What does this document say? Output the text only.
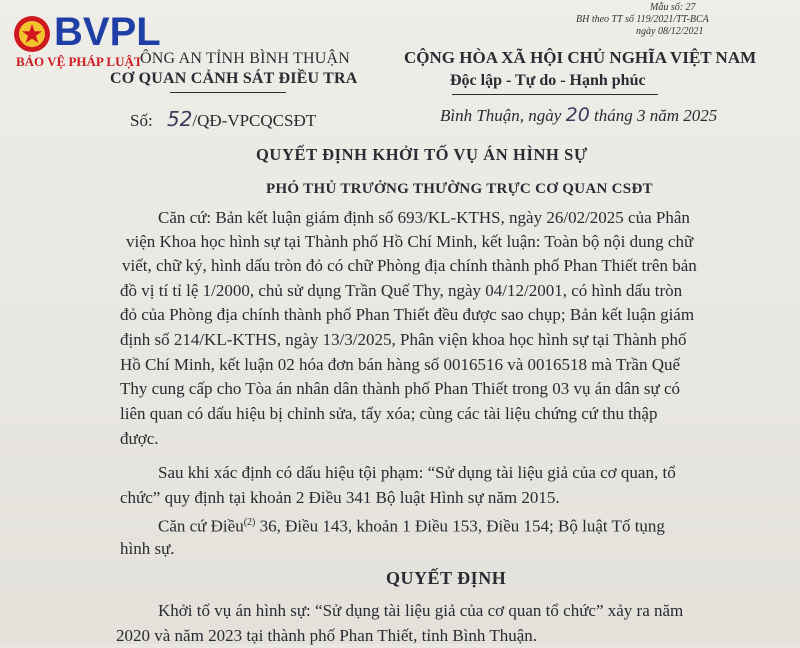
BVPL
BẢO VỆ PHÁP LUẬT
Mẫu số: 27
BH theo TT số 119/2021/TT-BCA
ngày 08/12/2021
ÔNG AN TỈNH BÌNH THUẬN
CƠ QUAN CẢNH SÁT ĐIỀU TRA
CỘNG HÒA XÃ HỘI CHỦ NGHĨA VIỆT NAM
Độc lập - Tự do - Hạnh phúc
Số: 52/QĐ-VPCQCSĐT	Bình Thuận, ngày 20 tháng 3 năm 2025
QUYẾT ĐỊNH KHỞI TỐ VỤ ÁN HÌNH SỰ
PHÓ THỦ TRƯỞNG THƯỜNG TRỰC CƠ QUAN CSĐT
Căn cứ: Bản kết luận giám định số 693/KL-KTHS, ngày 26/02/2025 của Phân
viện Khoa học hình sự tại Thành phố Hồ Chí Minh, kết luận: Toàn bộ nội dung chữ
viết, chữ ký, hình dấu tròn đỏ có chữ Phòng địa chính thành phố Phan Thiết trên bản
đồ vị tí tỉ lệ 1/2000, chủ sử dụng Trần Quế Thy, ngày 04/12/2001, có hình dấu tròn
đỏ của Phòng địa chính thành phố Phan Thiết đều được sao chụp; Bản kết luận giám
định số 214/KL-KTHS, ngày 13/3/2025, Phân viện khoa học hình sự tại Thành phố
Hồ Chí Minh, kết luận 02 hóa đơn bán hàng số 0016516 và 0016518 mà Trần Quế
Thy cung cấp cho Tòa án nhân dân thành phố Phan Thiết trong 03 vụ án dân sự có
liên quan có dấu hiệu bị chỉnh sửa, tẩy xóa; cùng các tài liệu chứng cứ thu thập
được.
Sau khi xác định có dấu hiệu tội phạm: “Sử dụng tài liệu giả của cơ quan, tổ
chức” quy định tại khoản 2 Điều 341 Bộ luật Hình sự năm 2015.
Căn cứ Điều$^{(2)}$ 36, Điều 143, khoản 1 Điều 153, Điều 154; Bộ luật Tố tụng
hình sự.
QUYẾT ĐỊNH
Khởi tố vụ án hình sự: “Sử dụng tài liệu giả của cơ quan tổ chức” xảy ra năm
2020 và năm 2023 tại thành phố Phan Thiết, tỉnh Bình Thuận.
